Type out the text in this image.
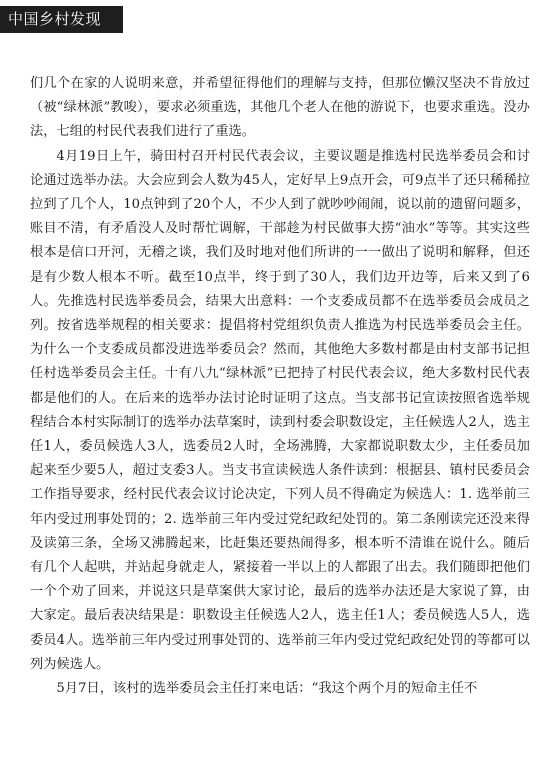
中国乡村发现

们几个在家的人说明来意，并希望征得他们的理解与支持，但那位懒汉坚决不肯放过（被“绿林派”教唆），要求必须重选，其他几个老人在他的游说下，也要求重选。没办法，七组的村民代表我们进行了重选。

4月19日上午，骑田村召开村民代表会议，主要议题是推选村民选举委员会和讨论通过选举办法。大会应到会人数为45人，定好早上9点开会，可9点半了还只稀稀拉拉到了几个人，10点钟到了20个人，不少人到了就吵吵闹闹，说以前的遗留问题多，账目不清，有矛盾没人及时帮忙调解，干部趁为村民做事大捞“油水”等等。其实这些根本是信口开河，无稽之谈，我们及时地对他们所讲的一一做出了说明和解释，但还是有少数人根本不听。截至10点半，终于到了30人，我们边开边等，后来又到了6人。先推选村民选举委员会，结果大出意料：一个支委成员都不在选举委员会成员之列。按省选举规程的相关要求：提倡将村党组织负责人推选为村民选举委员会主任。为什么一个支委成员都没进选举委员会？然而，其他绝大多数村都是由村支部书记担任村选举委员会主任。十有八九“绿林派”已把持了村民代表会议，绝大多数村民代表都是他们的人。在后来的选举办法讨论时证明了这点。当支部书记宣读按照省选举规程结合本村实际制订的选举办法草案时，读到村委会职数设定，主任候选人2人，选主任1人，委员候选人3人，选委员2人时，全场沸腾，大家都说职数太少，主任委员加起来至少要5人，超过支委3人。当支书宣读候选人条件读到：根据县、镇村民委员会工作指导要求，经村民代表会议讨论决定，下列人员不得确定为候选人：1. 选举前三年内受过刑事处罚的；2. 选举前三年内受过党纪政纪处罚的。第二条刚读完还没来得及读第三条，全场又沸腾起来，比赶集还要热闹得多，根本听不清谁在说什么。随后有几个人起哄，并站起身就走人，紧接着一半以上的人都跟了出去。我们随即把他们一个个劝了回来，并说这只是草案供大家讨论，最后的选举办法还是大家说了算，由大家定。最后表决结果是：职数设主任候选人2人，选主任1人；委员候选人5人，选委员4人。选举前三年内受过刑事处罚的、选举前三年内受过党纪政纪处罚的等都可以列为候选人。

5月7日，该村的选举委员会主任打来电话：“我这个两个月的短命主任不
